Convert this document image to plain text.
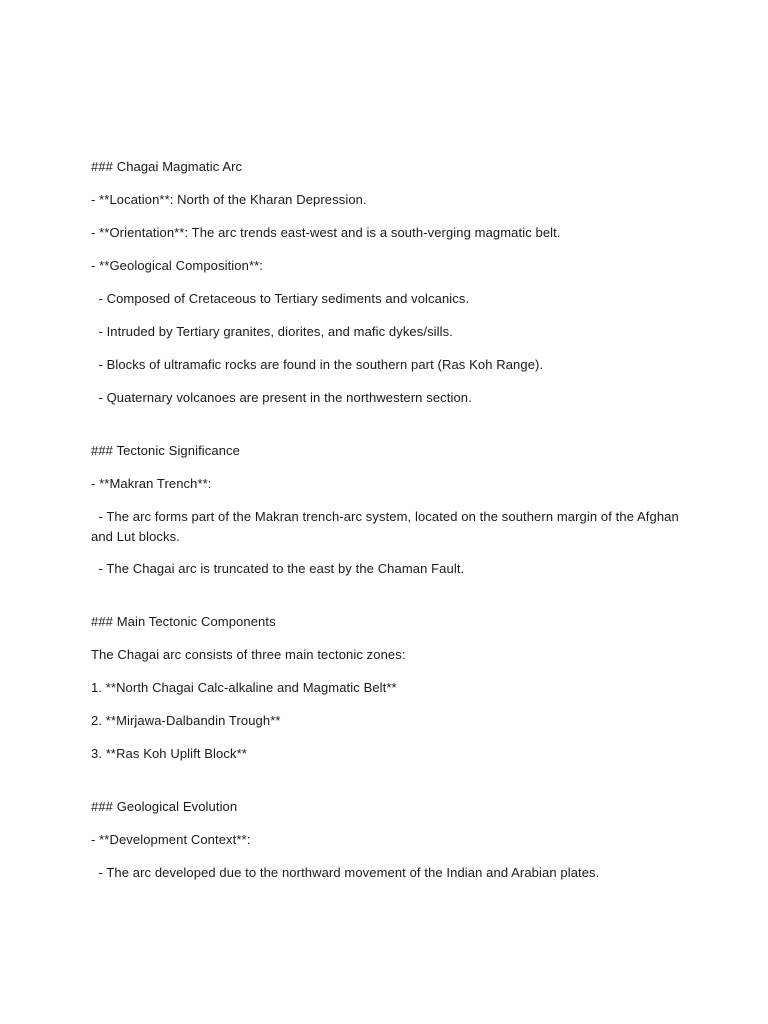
### Chagai Magmatic Arc

- **Location**: North of the Kharan Depression.

- **Orientation**: The arc trends east-west and is a south-verging magmatic belt.

- **Geological Composition**:

- Composed of Cretaceous to Tertiary sediments and volcanics.

- Intruded by Tertiary granites, diorites, and mafic dykes/sills.

- Blocks of ultramafic rocks are found in the southern part (Ras Koh Range).

- Quaternary volcanoes are present in the northwestern section.

### Tectonic Significance

- **Makran Trench**:

- The arc forms part of the Makran trench-arc system, located on the southern margin of the Afghan and Lut blocks.

- The Chagai arc is truncated to the east by the Chaman Fault.

### Main Tectonic Components

The Chagai arc consists of three main tectonic zones:

1. **North Chagai Calc-alkaline and Magmatic Belt**

2. **Mirjawa-Dalbandin Trough**

3. **Ras Koh Uplift Block**

### Geological Evolution

- **Development Context**:

- The arc developed due to the northward movement of the Indian and Arabian plates.
